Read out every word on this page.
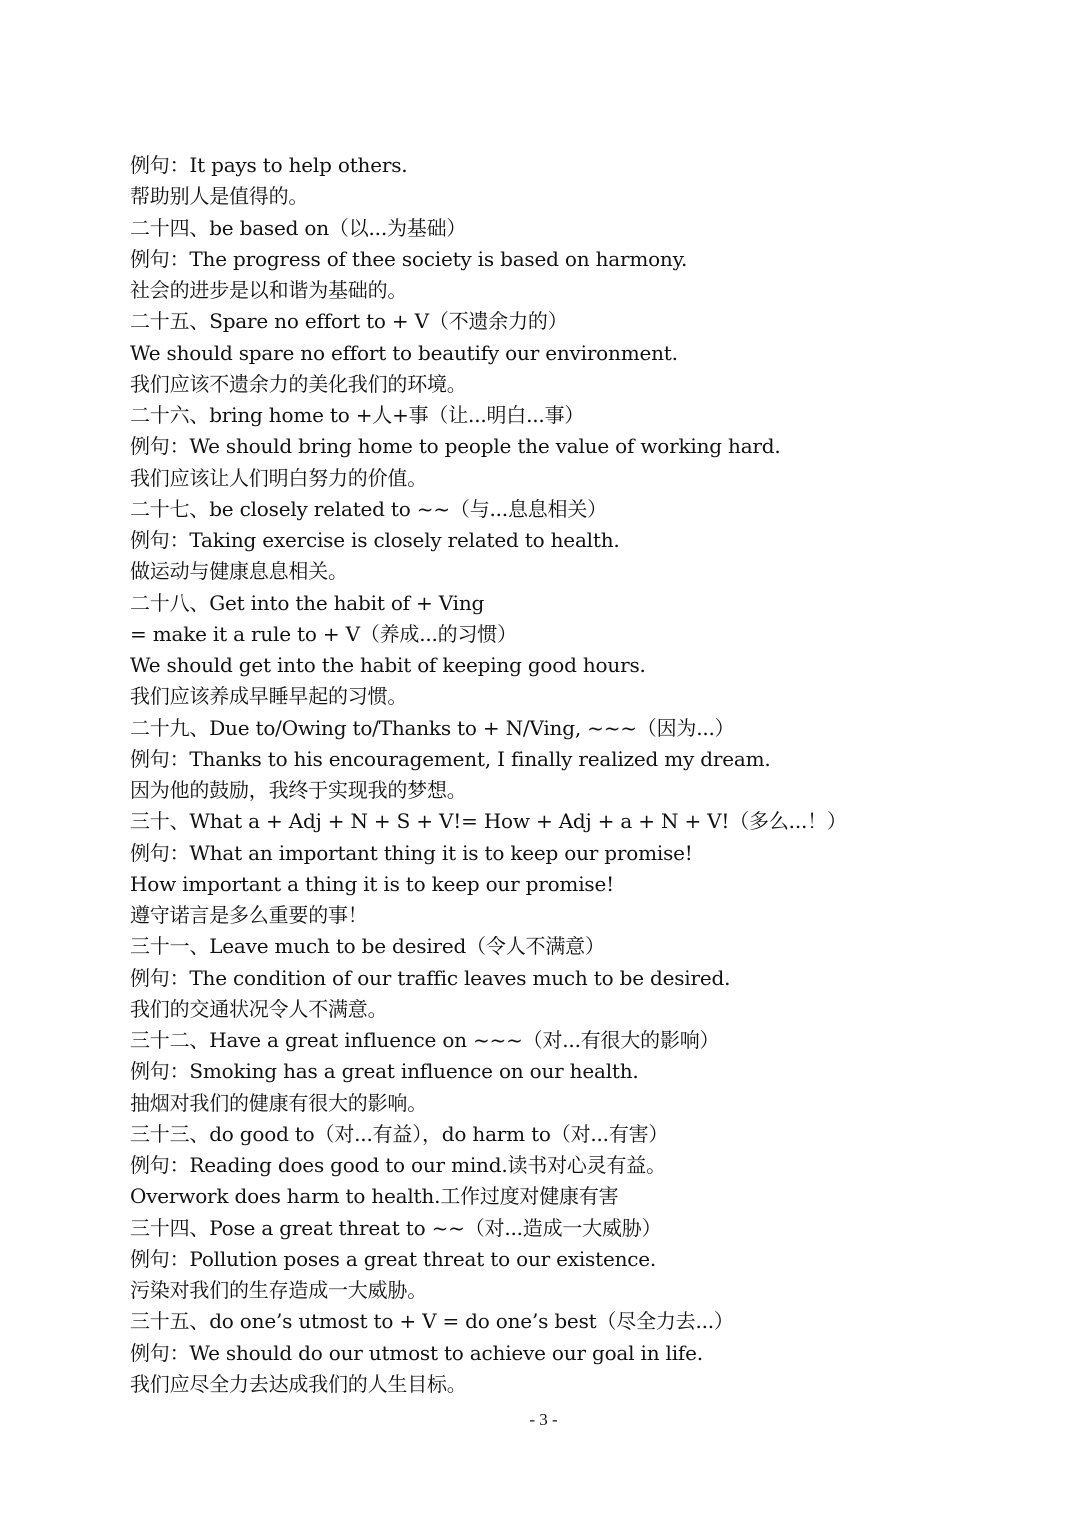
例句：It pays to help others.
帮助别人是值得的。
二十四、be based on（以...为基础）
例句：The progress of thee society is based on harmony.
社会的进步是以和谐为基础的。
二十五、Spare no effort to + V（不遗余力的）
We should spare no effort to beautify our environment.
我们应该不遗余力的美化我们的环境。
二十六、bring home to +人+事（让...明白...事）
例句：We should bring home to people the value of working hard.
我们应该让人们明白努力的价值。
二十七、be closely related to ~~（与...息息相关）
例句：Taking exercise is closely related to health.
做运动与健康息息相关。
二十八、Get into the habit of + Ving
= make it a rule to + V（养成...的习惯）
We should get into the habit of keeping good hours.
我们应该养成早睡早起的习惯。
二十九、Due to/Owing to/Thanks to + N/Ving, ~~~（因为...）
例句：Thanks to his encouragement, I finally realized my dream.
因为他的鼓励，我终于实现我的梦想。
三十、What a + Adj + N + S + V!= How + Adj + a + N + V!（多么...！）
例句：What an important thing it is to keep our promise!
How important a thing it is to keep our promise!
遵守诺言是多么重要的事！
三十一、Leave much to be desired（令人不满意）
例句：The condition of our traffic leaves much to be desired.
我们的交通状况令人不满意。
三十二、Have a great influence on ~~~（对...有很大的影响）
例句：Smoking has a great influence on our health.
抽烟对我们的健康有很大的影响。
三十三、do good to（对...有益），do harm to（对...有害）
例句：Reading does good to our mind.读书对心灵有益。
Overwork does harm to health.工作过度对健康有害
三十四、Pose a great threat to ~~（对...造成一大威胁）
例句：Pollution poses a great threat to our existence.
污染对我们的生存造成一大威胁。
三十五、do one’s utmost to + V = do one’s best（尽全力去...）
例句：We should do our utmost to achieve our goal in life.
我们应尽全力去达成我们的人生目标。
- 3 -
